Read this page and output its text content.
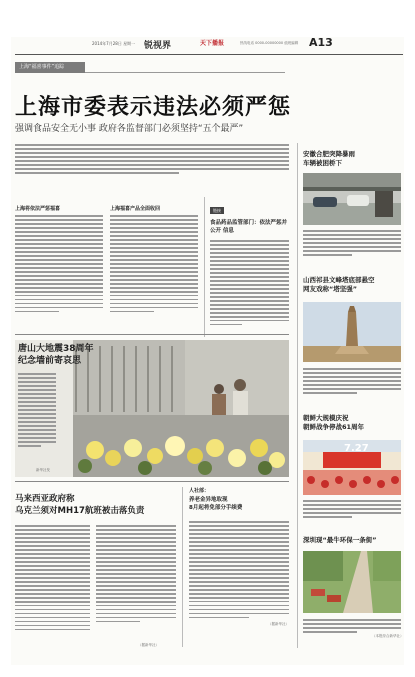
2014年7月28日 星期一 锐视界	天下播报	热线电话 0000-00000000 值班编辑 A13
上海“福喜事件”追踪
上海市委表示违法必须严惩
强调食品安全无小事 政府各监督部门必须坚持“五个最严”
上海将依法严惩福喜	上海福喜产品全面收回	链接
食品药品监管部门：依法严惩并公开 信息
唐山大地震38周年
纪念墙前寄哀思
新华社发
马来西亚政府称
乌克兰须对MH17航班被击落负责
（据新华社）
人社部：
养老金异地取现
8月起将免部分手续费
（据新华社）
安徽合肥突降暴雨
车辆被困桥下
山西祁县文峰塔底部悬空
网友戏称“塔坚强”
朝鲜大规模庆祝
朝鲜战争停战61周年
7.27
深圳现“最牛环保一条街”
（本报综合新华社）
